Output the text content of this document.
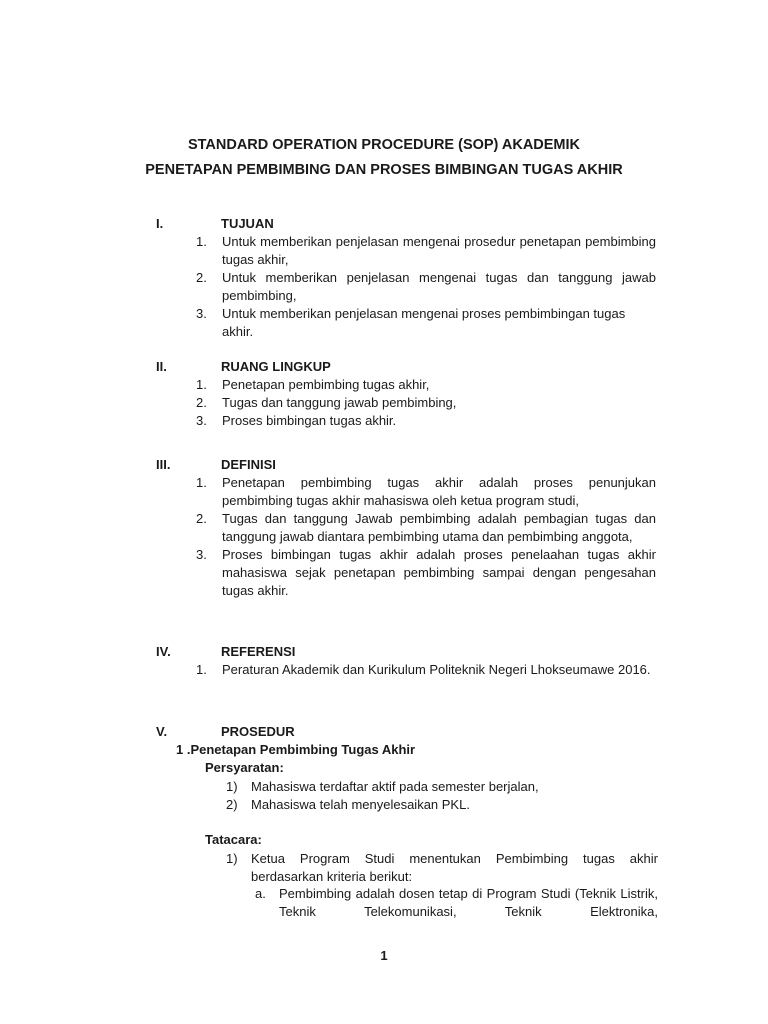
STANDARD OPERATION PROCEDURE (SOP) AKADEMIK
PENETAPAN PEMBIMBING DAN PROSES BIMBINGAN TUGAS AKHIR
I.	TUJUAN
1. Untuk memberikan penjelasan mengenai prosedur penetapan pembimbing tugas akhir,
2. Untuk memberikan penjelasan mengenai tugas dan tanggung jawab pembimbing,
3. Untuk memberikan penjelasan mengenai proses pembimbingan tugas akhir.
II.	RUANG LINGKUP
1. Penetapan pembimbing tugas akhir,
2. Tugas dan tanggung jawab pembimbing,
3. Proses bimbingan tugas akhir.
III.	DEFINISI
1. Penetapan pembimbing tugas akhir adalah proses penunjukan pembimbing tugas akhir mahasiswa oleh ketua program studi,
2. Tugas dan tanggung Jawab pembimbing adalah pembagian tugas dan tanggung jawab diantara pembimbing utama dan pembimbing anggota,
3. Proses bimbingan tugas akhir adalah proses penelaahan tugas akhir mahasiswa sejak penetapan pembimbing sampai dengan pengesahan tugas akhir.
IV.	REFERENSI
1. Peraturan Akademik dan Kurikulum Politeknik Negeri Lhokseumawe 2016.
V.	PROSEDUR
1 .Penetapan Pembimbing Tugas Akhir
Persyaratan:
1) Mahasiswa terdaftar aktif pada semester berjalan,
2) Mahasiswa telah menyelesaikan PKL.
Tatacara:
1) Ketua Program Studi menentukan Pembimbing tugas akhir berdasarkan kriteria berikut:
a. Pembimbing adalah dosen tetap di Program Studi (Teknik Listrik, Teknik Telekomunikasi, Teknik Elektronika,
1
